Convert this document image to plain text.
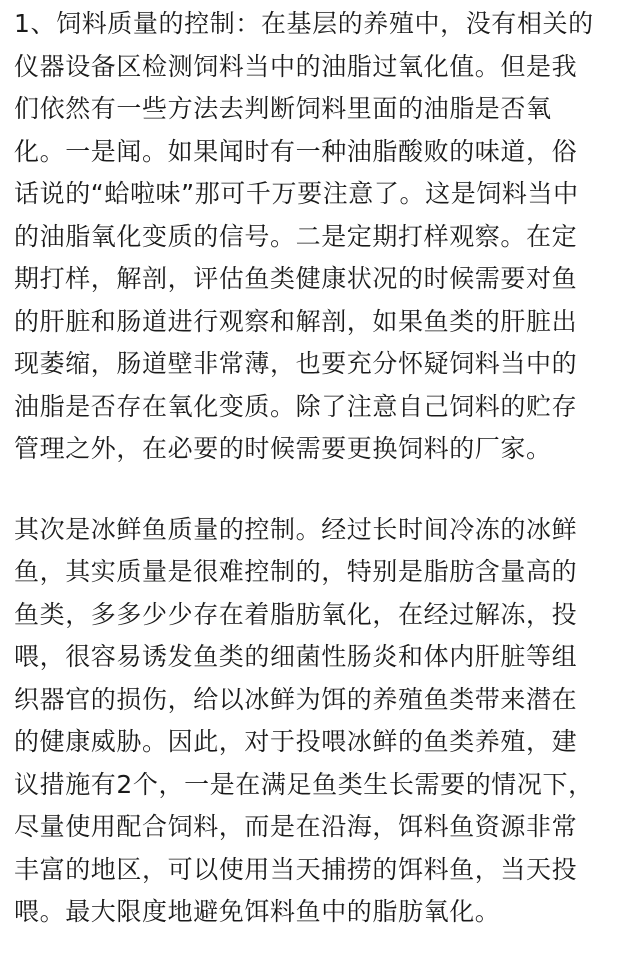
1、饲料质量的控制：在基层的养殖中，没有相关的
仪器设备区检测饲料当中的油脂过氧化值。但是我
们依然有一些方法去判断饲料里面的油脂是否氧
化。一是闻。如果闻时有一种油脂酸败的味道，俗
话说的“蛤啦味”那可千万要注意了。这是饲料当中
的油脂氧化变质的信号。二是定期打样观察。在定
期打样，解剖，评估鱼类健康状况的时候需要对鱼
的肝脏和肠道进行观察和解剖，如果鱼类的肝脏出
现萎缩，肠道壁非常薄，也要充分怀疑饲料当中的
油脂是否存在氧化变质。除了注意自己饲料的贮存
管理之外，在必要的时候需要更换饲料的厂家。
其次是冰鲜鱼质量的控制。经过长时间冷冻的冰鲜
鱼，其实质量是很难控制的，特别是脂肪含量高的
鱼类，多多少少存在着脂肪氧化，在经过解冻，投
喂，很容易诱发鱼类的细菌性肠炎和体内肝脏等组
织器官的损伤，给以冰鲜为饵的养殖鱼类带来潜在
的健康威胁。因此，对于投喂冰鲜的鱼类养殖，建
议措施有2个，一是在满足鱼类生长需要的情况下，
尽量使用配合饲料，而是在沿海，饵料鱼资源非常
丰富的地区，可以使用当天捕捞的饵料鱼，当天投
喂。最大限度地避免饵料鱼中的脂肪氧化。
